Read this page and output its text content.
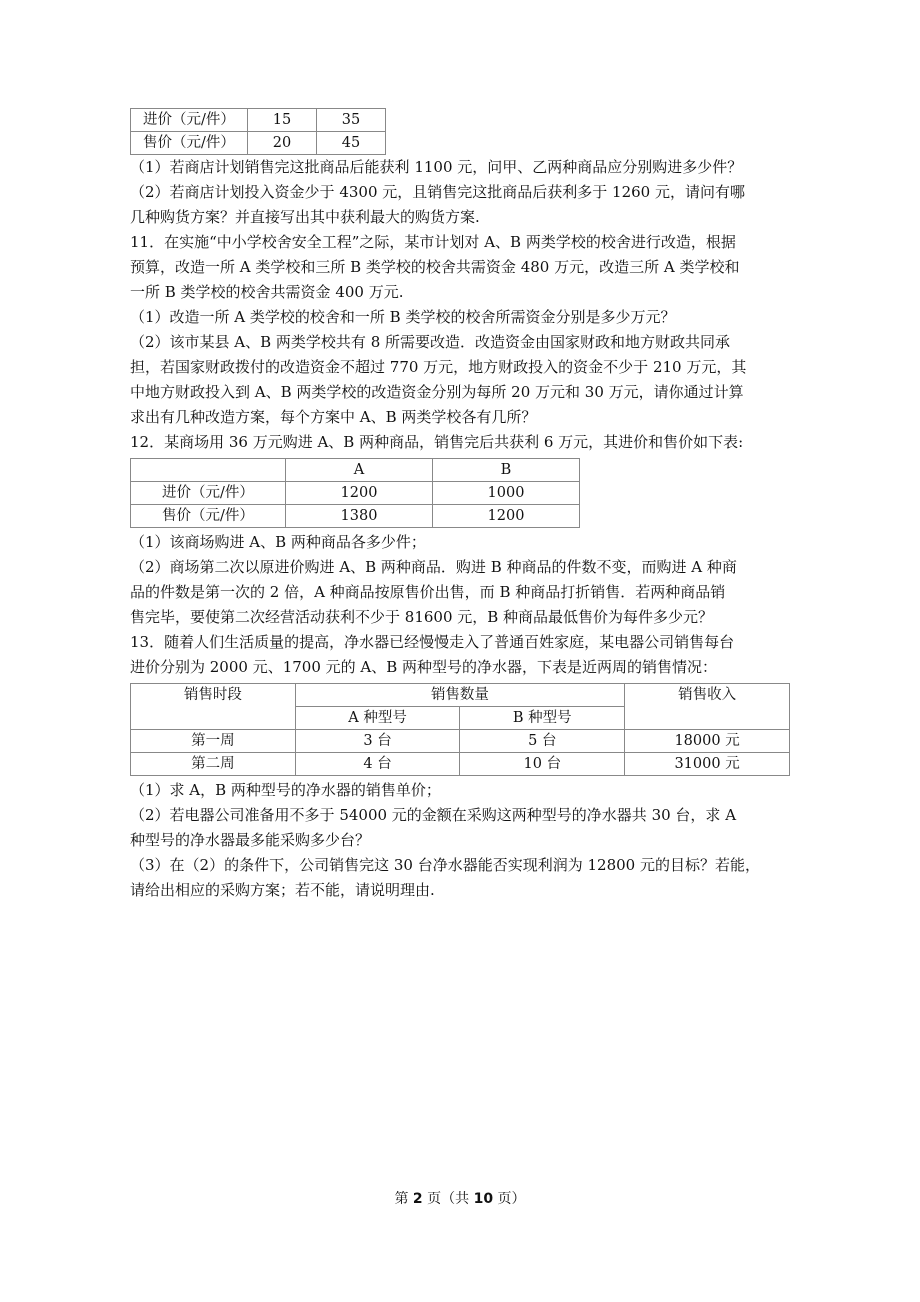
进价（元/件）	15	35
售价（元/件）	20	45

（1）若商店计划销售完这批商品后能获利 1100 元，问甲、乙两种商品应分别购进多少件？

（2）若商店计划投入资金少于 4300 元，且销售完这批商品后获利多于 1260 元，请问有哪

几种购货方案？并直接写出其中获利最大的购货方案.

11．在实施“中小学校舍安全工程”之际，某市计划对 A、B 两类学校的校舍进行改造，根据

预算，改造一所 A 类学校和三所 B 类学校的校舍共需资金 480 万元，改造三所 A 类学校和

一所 B 类学校的校舍共需资金 400 万元.

（1）改造一所 A 类学校的校舍和一所 B 类学校的校舍所需资金分别是多少万元？

（2）该市某县 A、B 两类学校共有 8 所需要改造．改造资金由国家财政和地方财政共同承

担，若国家财政拨付的改造资金不超过 770 万元，地方财政投入的资金不少于 210 万元，其

中地方财政投入到 A、B 两类学校的改造资金分别为每所 20 万元和 30 万元，请你通过计算

求出有几种改造方案，每个方案中 A、B 两类学校各有几所？

12．某商场用 36 万元购进 A、B 两种商品，销售完后共获利 6 万元，其进价和售价如下表:

	A	B
进价（元/件）	1200	1000
售价（元/件）	1380	1200

（1）该商场购进 A、B 两种商品各多少件；

（2）商场第二次以原进价购进 A、B 两种商品．购进 B 种商品的件数不变，而购进 A 种商

品的件数是第一次的 2 倍，A 种商品按原售价出售，而 B 种商品打折销售．若两种商品销

售完毕，要使第二次经营活动获利不少于 81600 元，B 种商品最低售价为每件多少元？

13．随着人们生活质量的提高，净水器已经慢慢走入了普通百姓家庭，某电器公司销售每台

进价分别为 2000 元、1700 元的 A、B 两种型号的净水器，下表是近两周的销售情况：

销售时段	销售数量		销售收入
	A 种型号	B 种型号	
第一周	3 台	5 台	18000 元
第二周	4 台	10 台	31000 元

（1）求 A，B 两种型号的净水器的销售单价；

（2）若电器公司准备用不多于 54000 元的金额在采购这两种型号的净水器共 30 台，求 A

种型号的净水器最多能采购多少台？

（3）在（2）的条件下，公司销售完这 30 台净水器能否实现利润为 12800 元的目标？若能，

请给出相应的采购方案；若不能，请说明理由.

第 2 页（共 10 页）
